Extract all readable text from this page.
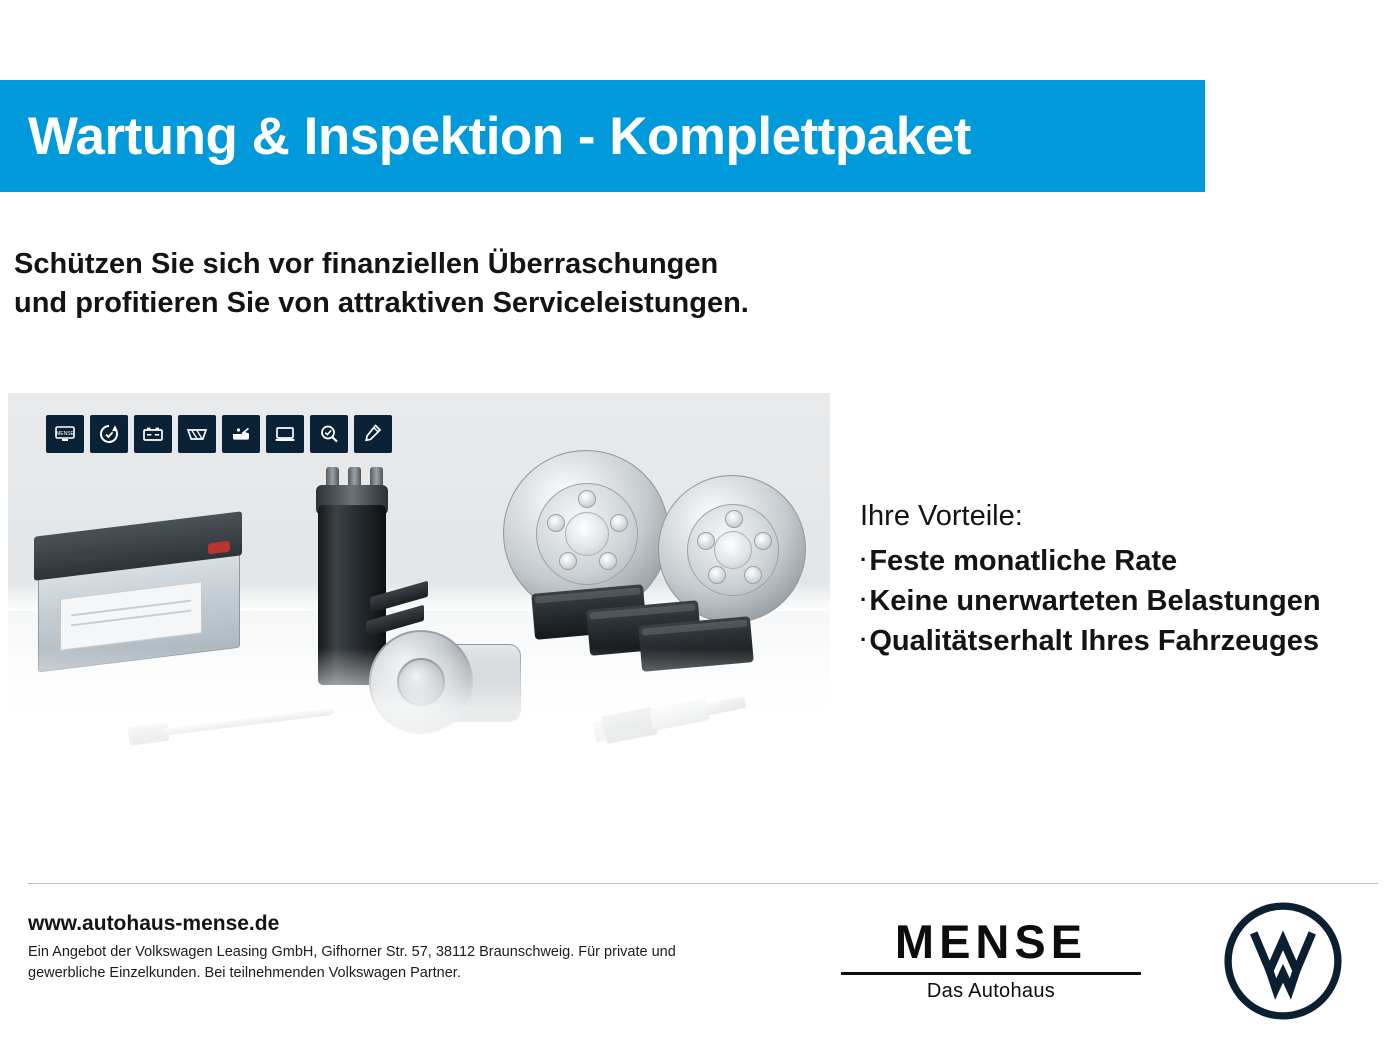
Wartung & Inspektion - Komplettpaket
Schützen Sie sich vor finanziellen Überraschungen
und profitieren Sie von attraktiven Serviceleistungen.
MENSE
Ihre Vorteile:
·Feste monatliche Rate
·Keine unerwarteten Belastungen
·Qualitätserhalt Ihres Fahrzeuges
www.autohaus-mense.de
Ein Angebot der Volkswagen Leasing GmbH, Gifhorner Str. 57, 38112 Braunschweig. Für private und gewerbliche Einzelkunden. Bei teilnehmenden Volkswagen Partner.
MENSE
Das Autohaus
